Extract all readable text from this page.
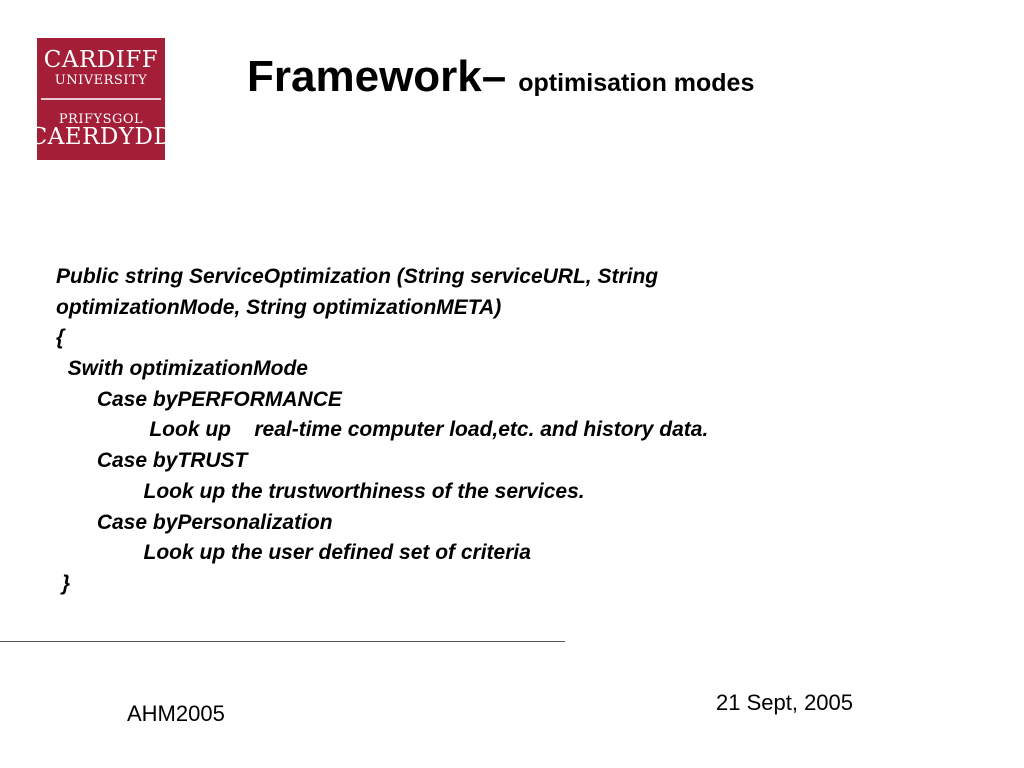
CARDIFF
UNIVERSITY
PRIFYSGOL
CAERDYDD
Framework– optimisation modes
Public string ServiceOptimization (String serviceURL, String
optimizationMode, String optimizationMETA)
{
Swith optimizationMode
Case byPERFORMANCE
Look up    real-time computer load,etc. and history data.
Case byTRUST
Look up the trustworthiness of the services.
Case byPersonalization
Look up the user defined set of criteria
}
AHM2005	21 Sept, 2005
